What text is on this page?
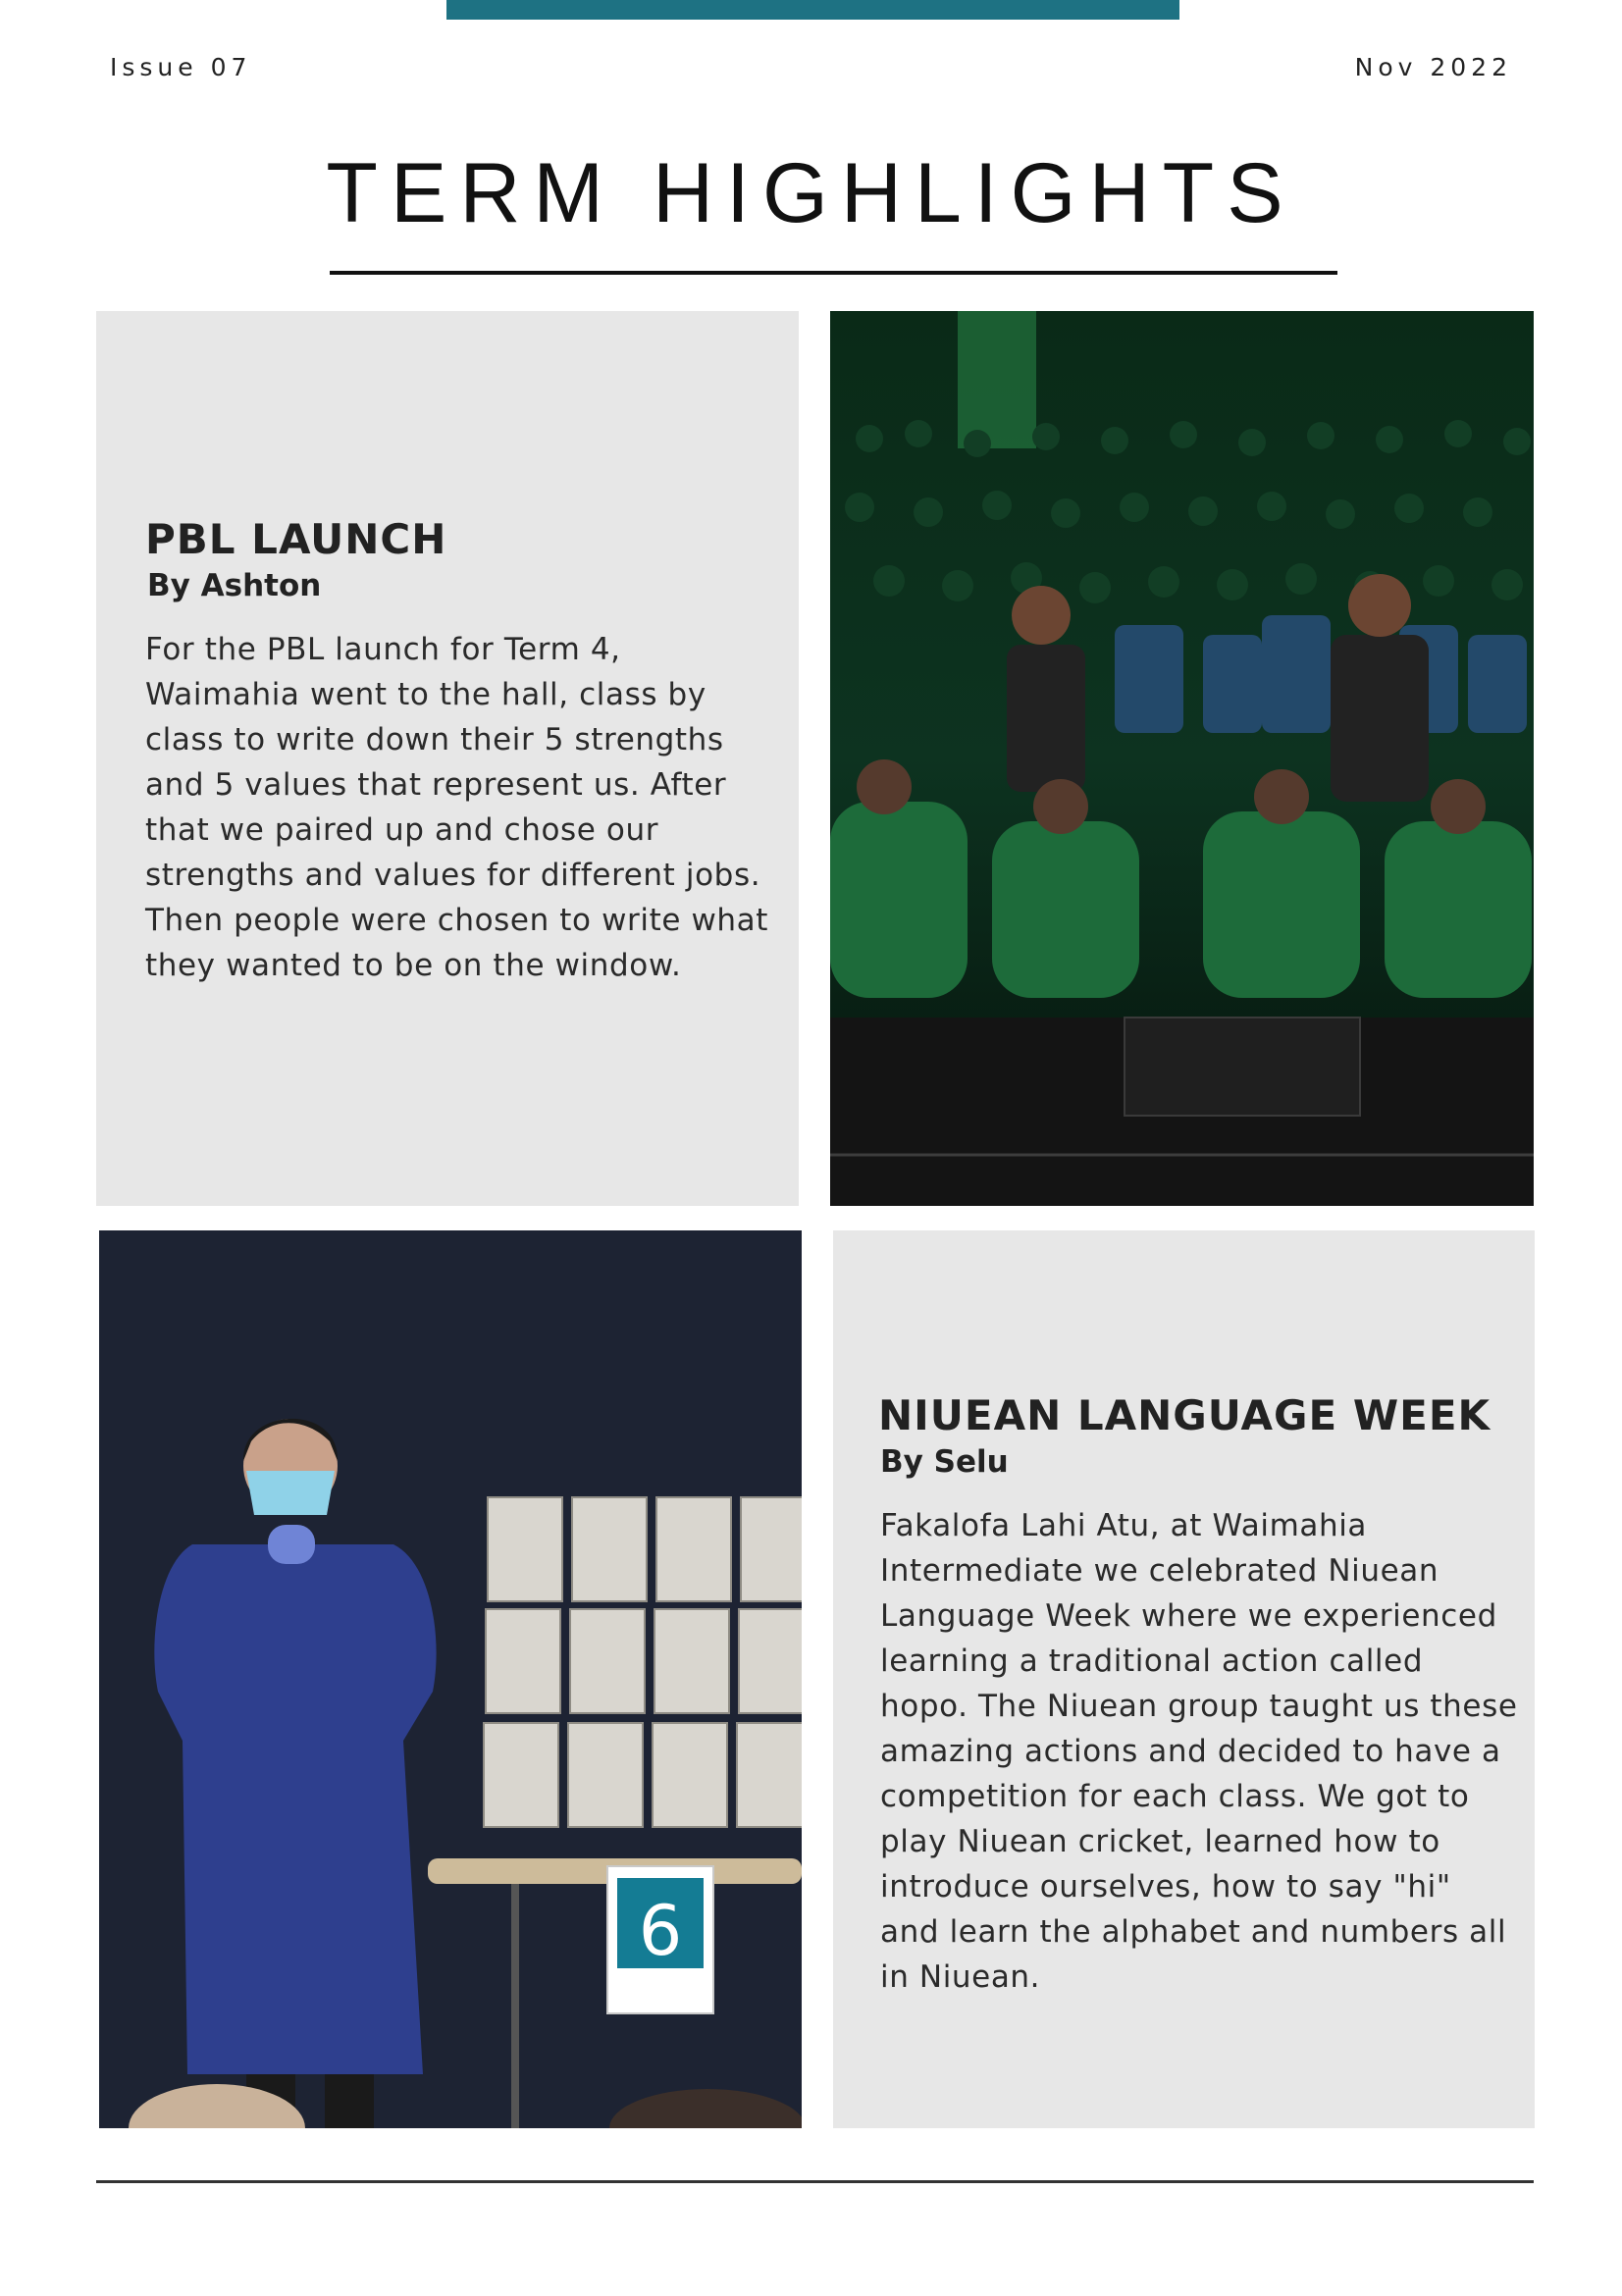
Issue 07	Nov 2022
TERM HIGHLIGHTS
PBL LAUNCH
By Ashton

For the PBL launch for Term 4, Waimahia went to the hall, class by class to write down their 5 strengths and 5 values that represent us. After that we paired up and chose our strengths and values for different jobs. Then people were chosen to write what they wanted to be on the window.

6
NIUEAN LANGUAGE WEEK
By Selu

Fakalofa Lahi Atu, at Waimahia Intermediate we celebrated Niuean Language Week where we experienced learning a traditional action called hopo. The Niuean group taught us these amazing actions and decided to have a competition for each class. We got to play Niuean cricket, learned how to introduce ourselves, how to say "hi" and learn the alphabet and numbers all in Niuean.
